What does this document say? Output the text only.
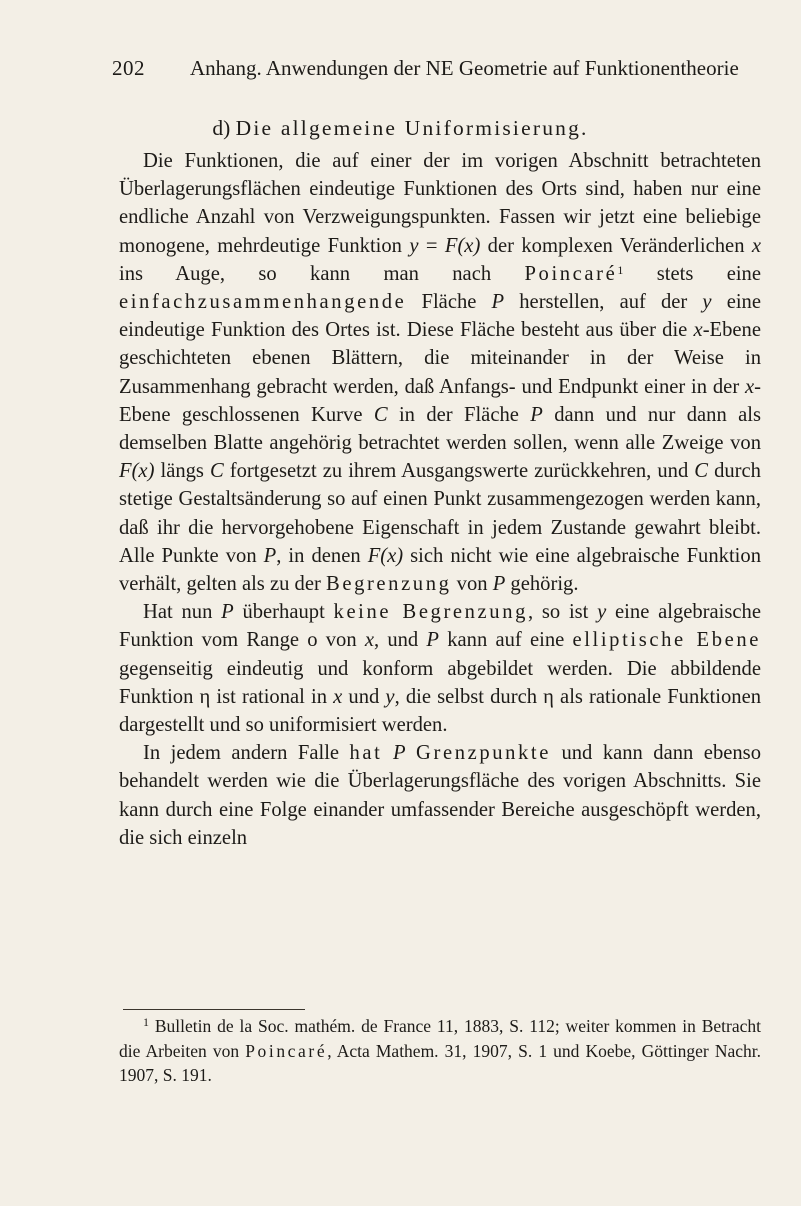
202 Anhang. Anwendungen der NE Geometrie auf Funktionentheorie
d) Die allgemeine Uniformisierung.

Die Funktionen, die auf einer der im vorigen Abschnitt betrachteten Überlagerungsflächen eindeutige Funktionen des Orts sind, haben nur eine endliche Anzahl von Verzweigungspunkten. Fassen wir jetzt eine beliebige monogene, mehrdeutige Funktion y = F(x) der komplexen Veränderlichen x ins Auge, so kann man nach Poincaré$^1$ stets eine einfachzusammenhangende Fläche P herstellen, auf der y eine eindeutige Funktion des Ortes ist. Diese Fläche besteht aus über die x-Ebene geschichteten ebenen Blättern, die miteinander in der Weise in Zusammenhang gebracht werden, daß Anfangs- und Endpunkt einer in der x-Ebene geschlossenen Kurve C in der Fläche P dann und nur dann als demselben Blatte angehörig betrachtet werden sollen, wenn alle Zweige von F(x) längs C fortgesetzt zu ihrem Ausgangswerte zurückkehren, und C durch stetige Gestaltsänderung so auf einen Punkt zusammengezogen werden kann, daß ihr die hervorgehobene Eigenschaft in jedem Zustande gewahrt bleibt. Alle Punkte von P, in denen F(x) sich nicht wie eine algebraische Funktion verhält, gelten als zu der Begrenzung von P gehörig.

Hat nun P überhaupt keine Begrenzung, so ist y eine algebraische Funktion vom Range o von x, und P kann auf eine elliptische Ebene gegenseitig eindeutig und konform abgebildet werden. Die abbildende Funktion η ist rational in x und y, die selbst durch η als rationale Funktionen dargestellt und so uniformisiert werden.

In jedem andern Falle hat P Grenzpunkte und kann dann ebenso behandelt werden wie die Überlagerungsfläche des vorigen Abschnitts. Sie kann durch eine Folge einander umfassender Bereiche ausgeschöpft werden, die sich einzeln

$^1$ Bulletin de la Soc. mathém. de France 11, 1883, S. 112; weiter kommen in Betracht die Arbeiten von Poincaré, Acta Mathem. 31, 1907, S. 1 und Koebe, Göttinger Nachr. 1907, S. 191.
